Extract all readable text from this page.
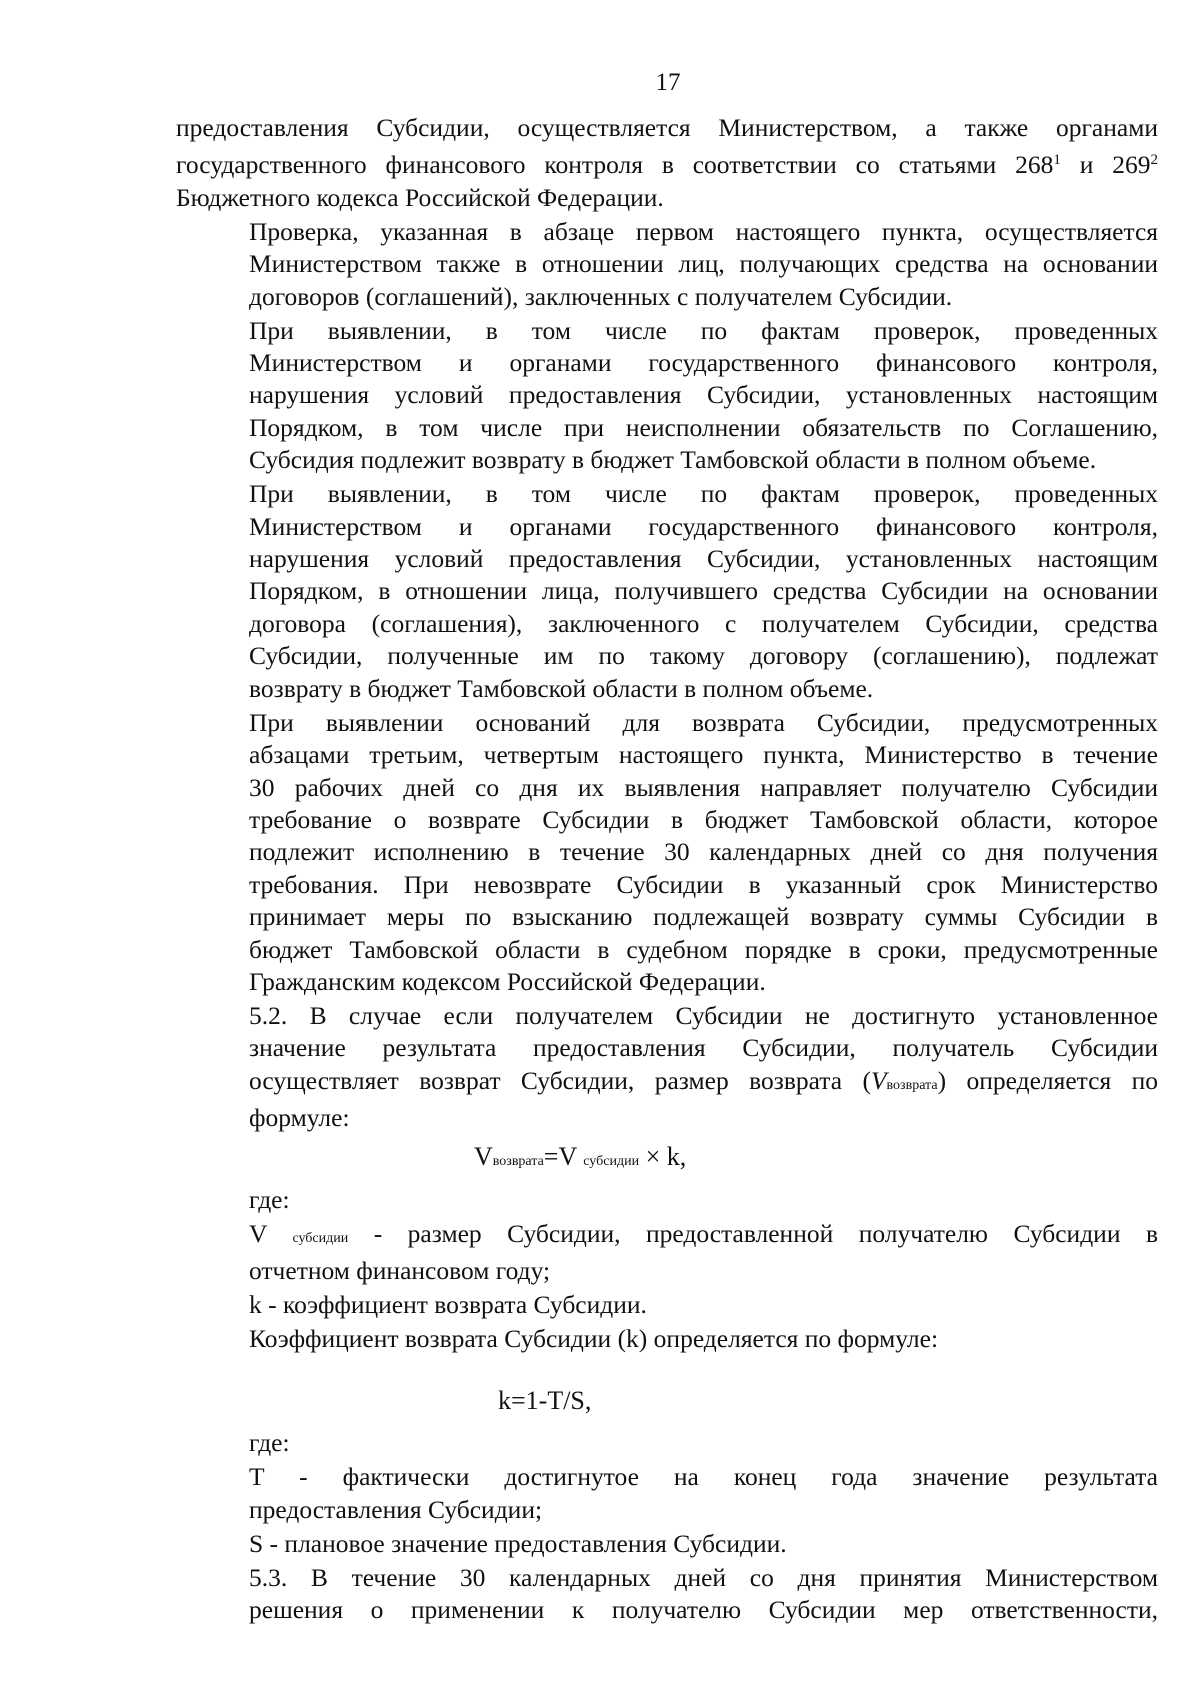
17
предоставления Субсидии, осуществляется Министерством, а также органами
государственного финансового контроля в соответствии со статьями $268^1$ и $269^2$
Бюджетного кодекса Российской Федерации.
Проверка, указанная в абзаце первом настоящего пункта, осуществляется
Министерством также в отношении лиц, получающих средства на основании
договоров (соглашений), заключенных с получателем Субсидии.
При выявлении, в том числе по фактам проверок, проведенных
Министерством и органами государственного финансового контроля,
нарушения условий предоставления Субсидии, установленных настоящим
Порядком, в том числе при неисполнении обязательств по Соглашению,
Субсидия подлежит возврату в бюджет Тамбовской области в полном объеме.
При выявлении, в том числе по фактам проверок, проведенных
Министерством и органами государственного финансового контроля,
нарушения условий предоставления Субсидии, установленных настоящим
Порядком, в отношении лица, получившего средства Субсидии на основании
договора (соглашения), заключенного с получателем Субсидии, средства
Субсидии, полученные им по такому договору (соглашению), подлежат
возврату в бюджет Тамбовской области в полном объеме.
При выявлении оснований для возврата Субсидии, предусмотренных
абзацами третьим, четвертым настоящего пункта, Министерство в течение
30 рабочих дней со дня их выявления направляет получателю Субсидии
требование о возврате Субсидии в бюджет Тамбовской области, которое
подлежит исполнению в течение 30 календарных дней со дня получения
требования. При невозврате Субсидии в указанный срок Министерство
принимает меры по взысканию подлежащей возврату суммы Субсидии в
бюджет Тамбовской области в судебном порядке в сроки, предусмотренные
Гражданским кодексом Российской Федерации.
5.2. В случае если получателем Субсидии не достигнуто установленное
значение результата предоставления Субсидии, получатель Субсидии
осуществляет возврат Субсидии, размер возврата (Vвозврата) определяется по
формуле:
Vвозврата=V субсидии × k,
где:
V субсидии - размер Субсидии, предоставленной получателю Субсидии в
отчетном финансовом году;
k - коэффициент возврата Субсидии.
Коэффициент возврата Субсидии (k) определяется по формуле:
k=1-T/S,
где:
T - фактически достигнутое на конец года значение результата
предоставления Субсидии;
S - плановое значение предоставления Субсидии.
5.3. В течение 30 календарных дней со дня принятия Министерством
решения о применении к получателю Субсидии мер ответственности,
